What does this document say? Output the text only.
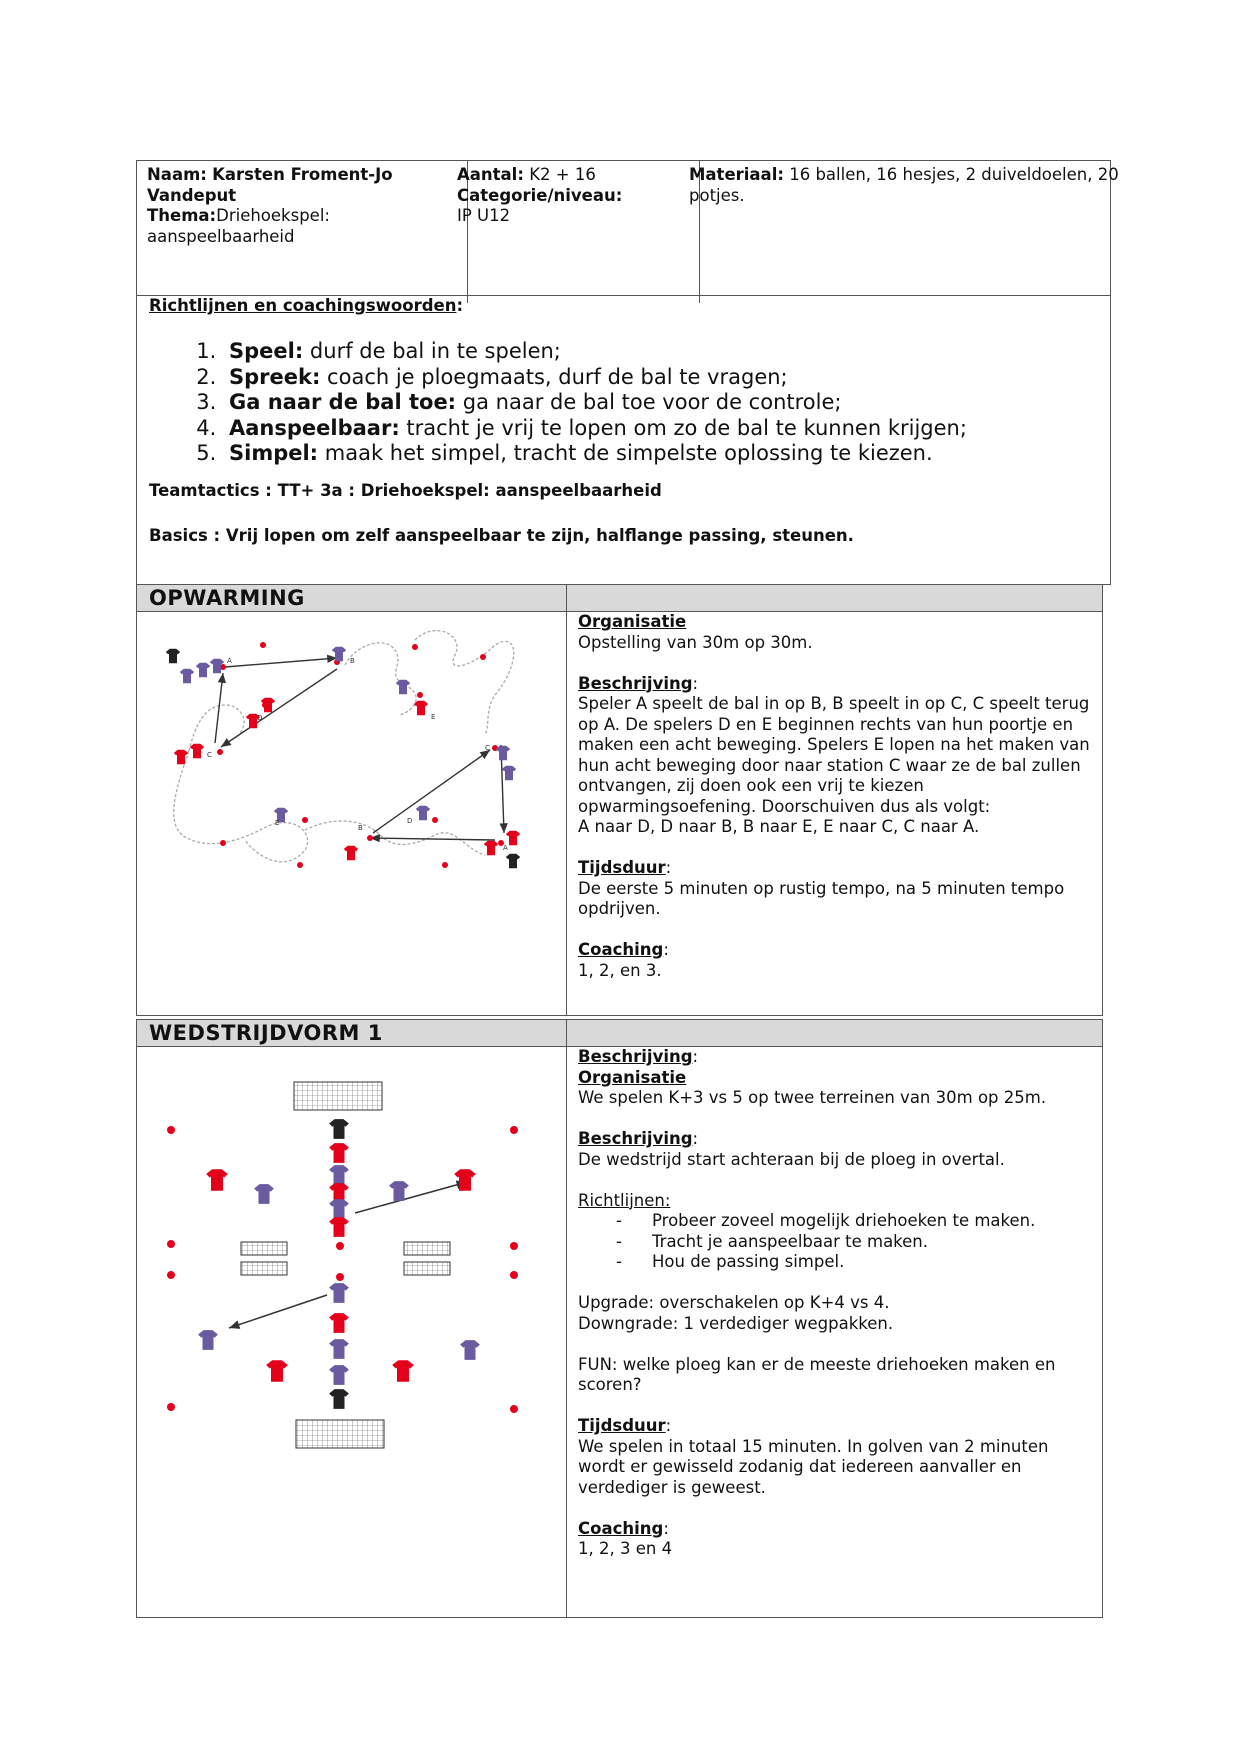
Naam: Karsten Froment-Jo Vandeput
Thema:Driehoekspel: aanspeelbaarheid
Aantal: K2 + 16
Categorie/niveau:
IP U12
Materiaal: 16 ballen, 16 hesjes, 2 duiveldoelen, 20 potjes.
Richtlijnen en coachingswoorden:
1. Speel: durf de bal in te spelen;
2. Spreek: coach je ploegmaats, durf de bal te vragen;
3. Ga naar de bal toe: ga naar de bal toe voor de controle;
4. Aanspeelbaar: tracht je vrij te lopen om zo de bal te kunnen krijgen;
5. Simpel: maak het simpel, tracht de simpelste oplossing te kiezen.
Teamtactics : TT+ 3a : Driehoekspel: aanspeelbaarheid
Basics : Vrij lopen om zelf aanspeelbaar te zijn, halflange passing, steunen.
OPWARMING
A	B
C
D	E
C
B
E	D
A

Organisatie

Opstelling van 30m op 30m.

Beschrijving:

Speler A speelt de bal in op B, B speelt in op C, C speelt terug op A. De spelers D en E beginnen rechts van hun poortje en maken een acht beweging. Spelers E lopen na het maken van hun acht beweging door naar station C waar ze de bal zullen ontvangen, zij doen ook een vrij te kiezen opwarmingsoefening. Doorschuiven dus als volgt:

A naar D, D naar B, B naar E, E naar C, C naar A.

Tijdsduur:

De eerste 5 minuten op rustig tempo, na 5 minuten tempo opdrijven.

Coaching:

1, 2, en 3.

WEDSTRIJDVORM 1

Beschrijving:

Organisatie

We spelen K+3 vs 5 op twee terreinen van 30m op 25m.

Beschrijving:

De wedstrijd start achteraan bij de ploeg in overtal.

Richtlijnen:

-	Probeer zoveel mogelijk driehoeken te maken.
-	Tracht je aanspeelbaar te maken.
-	Hou de passing simpel.

Upgrade: overschakelen op K+4 vs 4.

Downgrade: 1 verdediger wegpakken.

FUN: welke ploeg kan er de meeste driehoeken maken en scoren?

Tijdsduur:

We spelen in totaal 15 minuten. In golven van 2 minuten wordt er gewisseld zodanig dat iedereen aanvaller en verdediger is geweest.

Coaching:

1, 2, 3 en 4
